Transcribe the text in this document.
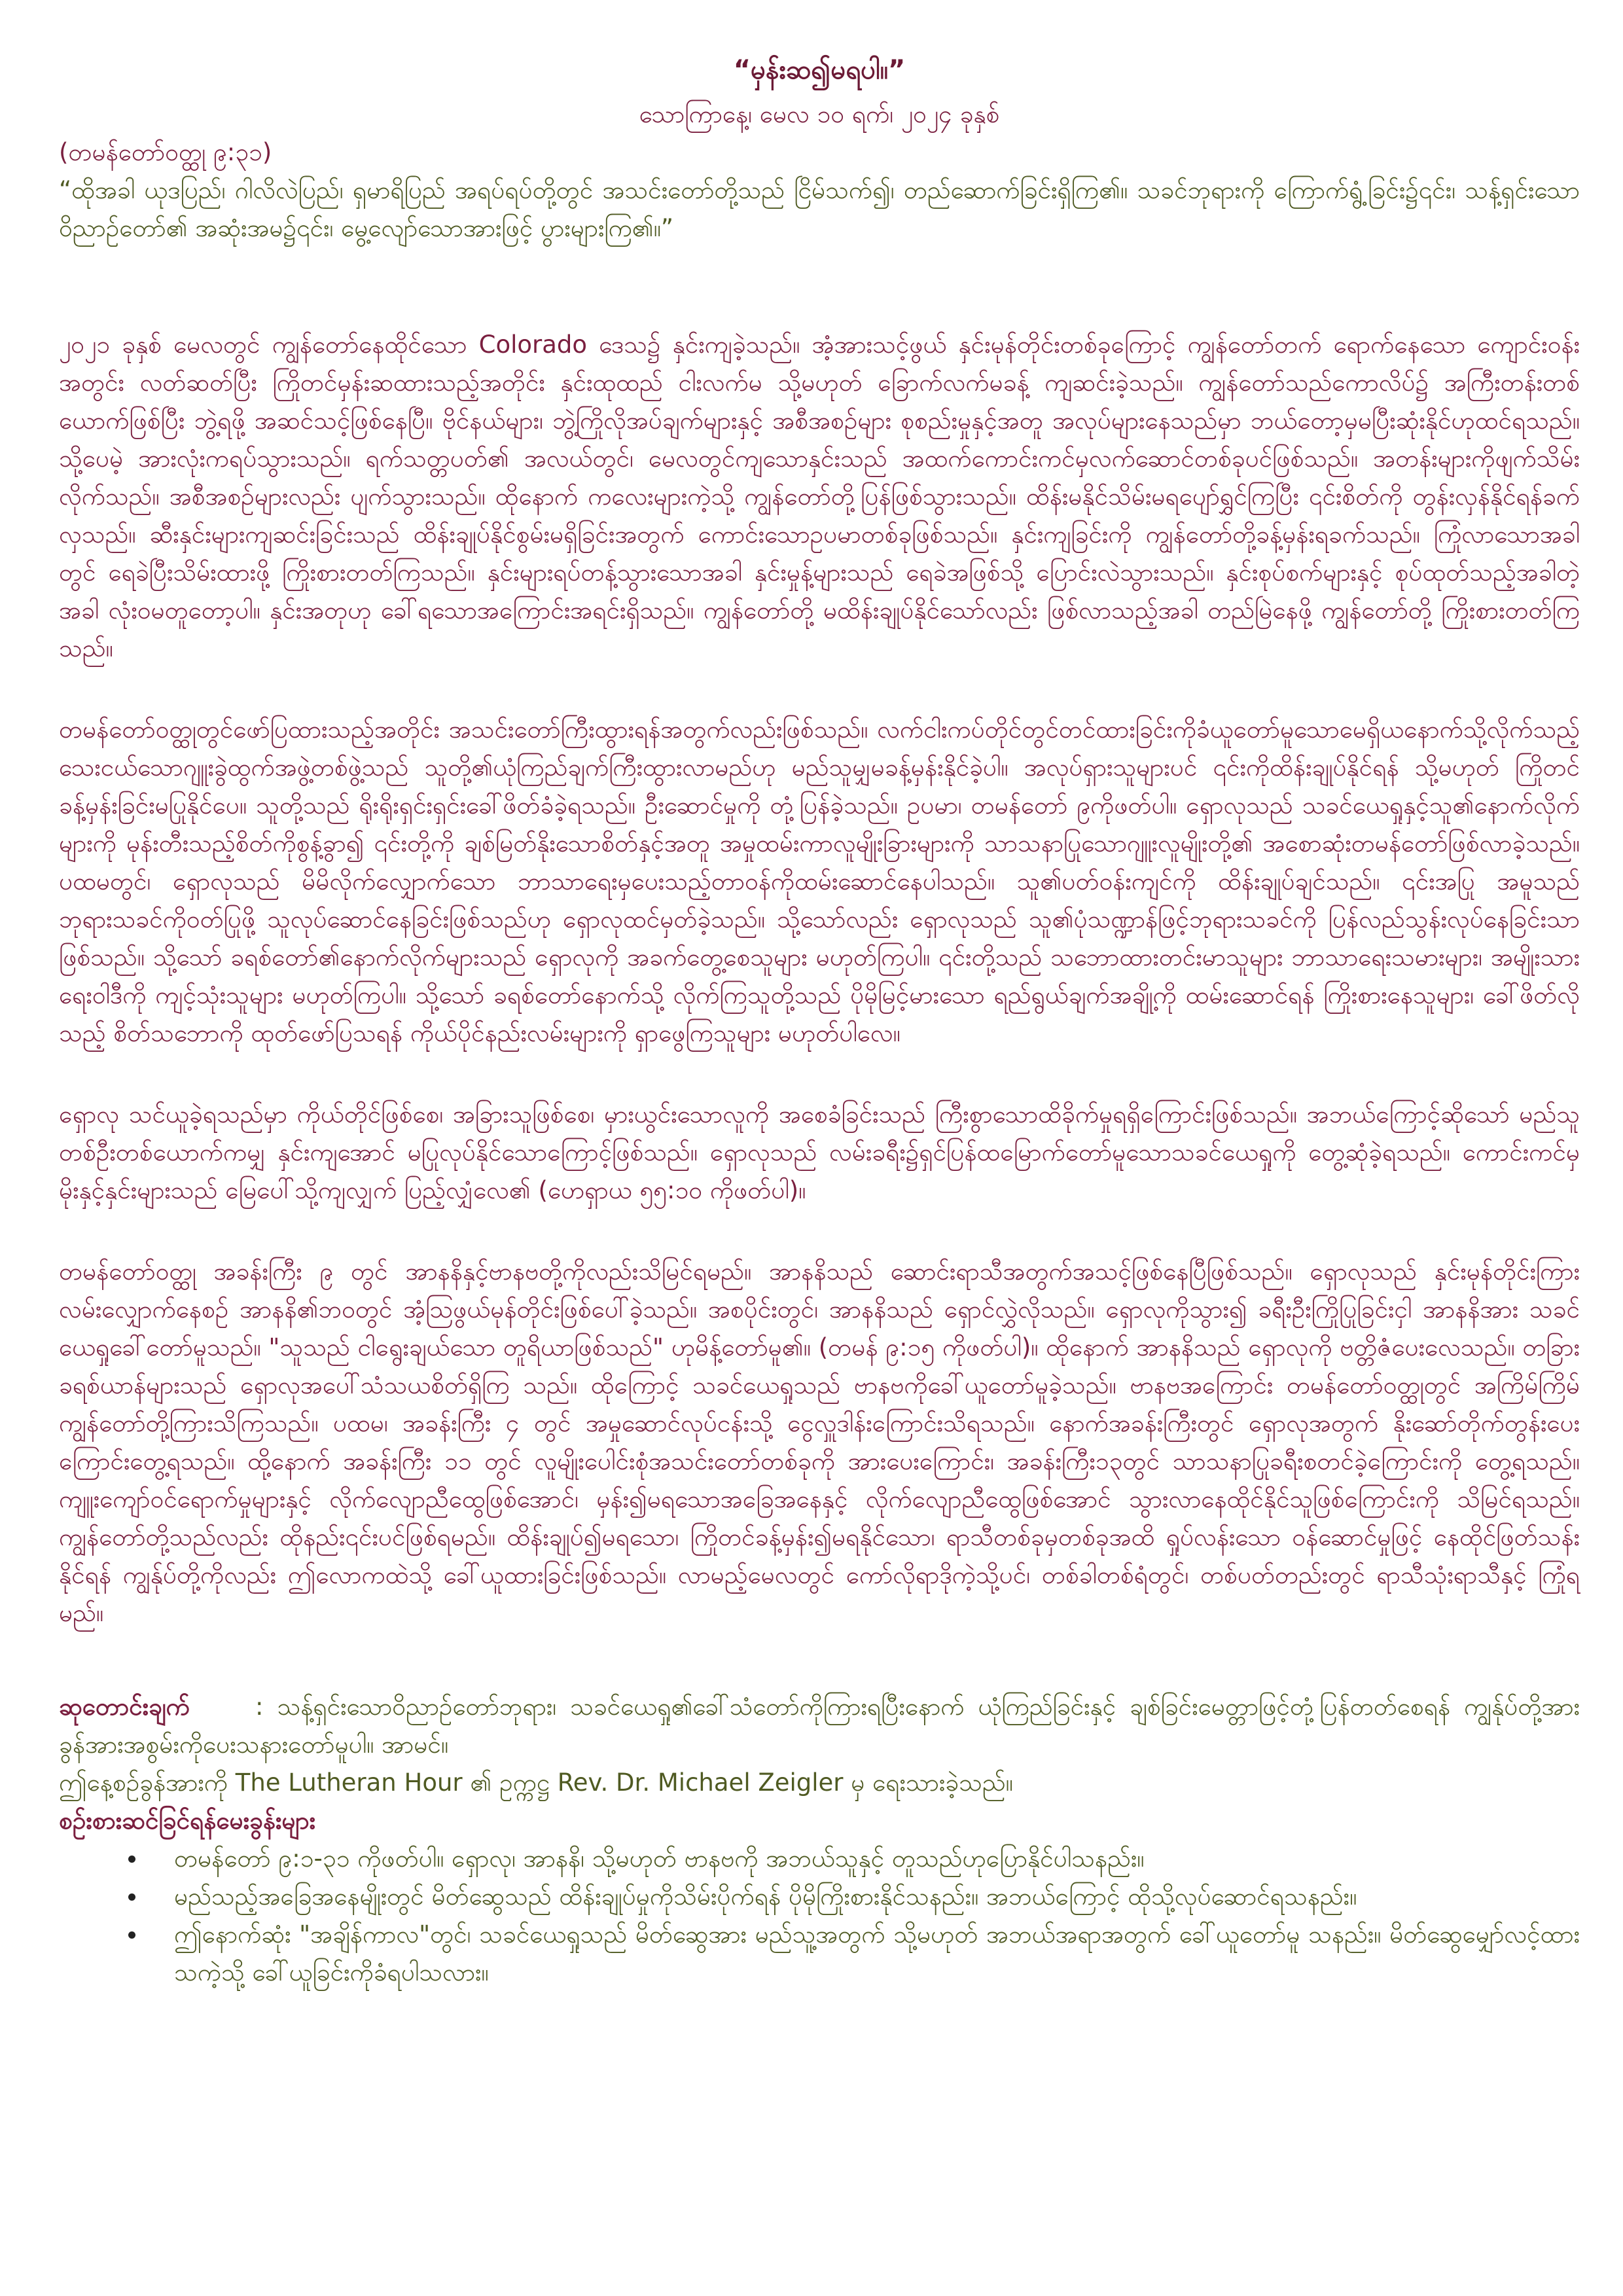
“မှန်းဆ၍မရပါ။”
သောကြာနေ့၊ မေလ ၁၀ ရက်၊ ၂၀၂၄ ခုနှစ်
(တမန်တော်ဝတ္ထု ၉:၃၁)

“ထိုအခါ ယုဒပြည်၊ ဂါလိလဲပြည်၊ ရှမာရိပြည် အရပ်ရပ်တို့တွင် အသင်းတော်တို့သည် ငြိမ်သက်၍၊ တည်ဆောက်ခြင်းရှိကြ၏။ သခင်ဘုရားကို ကြောက်ရွံ့ခြင်း၌၎င်း၊ သန့်ရှင်းသောဝိညာဉ်တော်၏ အဆုံးအမ၌၎င်း၊ မွေ့လျော်သောအားဖြင့် ပွားများကြ၏။”

၂၀၂၁ ခုနှစ် မေလတွင် ကျွန်တော်နေထိုင်သော Colorado ဒေသ၌ နှင်းကျခဲ့သည်။ အံ့အားသင့်ဖွယ် နှင်းမုန်တိုင်းတစ်ခုကြောင့် ကျွန်တော်တက် ရောက်နေသော ကျောင်းဝန်းအတွင်း လတ်ဆတ်ပြီး ကြိုတင်မှန်းဆထားသည့်အတိုင်း နှင်းထုထည် ငါးလက်မ သို့မဟုတ် ခြောက်လက်မခန့် ကျဆင်းခဲ့သည်။ ကျွန်တော်သည်ကောလိပ်၌ အကြီးတန်းတစ်ယောက်ဖြစ်ပြီး ဘွဲ့ရဖို့ အဆင်သင့်ဖြစ်နေပြီ။ ဗိုင်နယ်များ၊ ဘွဲ့ကြိုလိုအပ်ချက်များနှင့် အစီအစဉ်များ စုစည်းမှုနှင့်အတူ အလုပ်များနေသည်မှာ ဘယ်တော့မှမပြီးဆုံးနိုင်ဟုထင်ရသည်။ သို့ပေမဲ့ အားလုံးကရပ်သွားသည်။ ရက်သတ္တပတ်၏ အလယ်တွင်၊ မေလတွင်ကျသောနှင်းသည် အထက်ကောင်းကင်မှလက်ဆောင်တစ်ခုပင်ဖြစ်သည်။ အတန်းများကိုဖျက်သိမ်းလိုက်သည်။ အစီအစဉ်များလည်း ပျက်သွားသည်။ ထိုနောက် ကလေးများကဲ့သို့ ကျွန်တော်တို့ပြန်ဖြစ်သွားသည်။ ထိန်းမနိုင်သိမ်းမရပျော်ရွှင်ကြပြီး ၎င်းစိတ်ကို တွန်းလှန်နိုင်ရန်ခက်လှသည်။ ဆီးနှင်းများကျဆင်းခြင်းသည် ထိန်းချုပ်နိုင်စွမ်းမရှိခြင်းအတွက် ကောင်းသောဥပမာတစ်ခုဖြစ်သည်။ နှင်းကျခြင်းကို ကျွန်တော်တို့ခန့်မှန်းရခက်သည်။ ကြုံလာသောအခါတွင် ရေခဲပြီးသိမ်းထားဖို့ ကြိုးစားတတ်ကြသည်။ နှင်းများရပ်တန့်သွားသောအခါ နှင်းမှုန့်များသည် ရေခဲအဖြစ်သို့ ပြောင်းလဲသွားသည်။ နှင်းစုပ်စက်များနှင့် စုပ်ထုတ်သည့်အခါတဲ့အခါ လုံးဝမတူတော့ပါ။ နှင်းအတုဟု ခေါ်ရသောအကြောင်းအရင်းရှိသည်။ ကျွန်တော်တို့ မထိန်းချုပ်နိုင်သော်လည်း ဖြစ်လာသည့်အခါ တည်မြဲနေဖို့ ကျွန်တော်တို့ ကြိုးစားတတ်ကြသည်။

တမန်တော်ဝတ္ထုတွင်ဖော်ပြထားသည့်အတိုင်း အသင်းတော်ကြီးထွားရန်အတွက်လည်းဖြစ်သည်။ လက်ငါးကပ်တိုင်တွင်တင်ထားခြင်းကိုခံယူတော်မူသောမေရှိယနောက်သို့လိုက်သည့် သေးငယ်သောဂျူးခွဲထွက်အဖွဲ့တစ်ဖွဲ့သည် သူတို့၏ယုံကြည်ချက်ကြီးထွားလာမည်ဟု မည်သူမျှမခန့်မှန်းနိုင်ခဲ့ပါ။ အလုပ်ရှားသူများပင် ၎င်းကိုထိန်းချုပ်နိုင်ရန် သို့မဟုတ် ကြိုတင်ခန့်မှန်းခြင်းမပြုနိုင်ပေ။ သူတို့သည် ရိုးရိုးရှင်းရှင်းခေါ်ဖိတ်ခံခဲ့ရသည်။ ဦးဆောင်မှုကို တုံ့ပြန်ခဲ့သည်။ ဥပမာ၊ တမန်တော် ၉ကိုဖတ်ပါ။ ရှောလုသည် သခင်ယေရှုနှင့်သူ၏နောက်လိုက်များကို မုန်းတီးသည့်စိတ်ကိုစွန့်ခွာ၍ ၎င်းတို့ကို ချစ်မြတ်နိုးသောစိတ်နှင့်အတူ အမှုထမ်းကာလူမျိုးခြားများကို သာသနာပြုသောဂျူးလူမျိုးတို့၏ အစောဆုံးတမန်တော်ဖြစ်လာခဲ့သည်။ ပထမတွင်၊ ရှောလုသည် မိမိလိုက်လျှောက်သော ဘာသာရေးမှပေးသည့်တာဝန်ကိုထမ်းဆောင်နေပါသည်။ သူ၏ပတ်ဝန်းကျင်ကို ထိန်းချုပ်ချင်သည်။ ၎င်းအပြု အမူသည်ဘုရားသခင်ကိုဝတ်ပြုဖို့ သူလုပ်ဆောင်နေခြင်းဖြစ်သည်ဟု ရှောလုထင်မှတ်ခဲ့သည်။ သို့သော်လည်း ရှောလုသည် သူ၏ပုံသဏ္ဍာန်ဖြင့်ဘုရားသခင်ကို ပြန်လည်သွန်းလုပ်နေခြင်းသာဖြစ်သည်။ သို့သော် ခရစ်တော်၏နောက်လိုက်များသည် ရှောလုကို အခက်တွေ့စေသူများ မဟုတ်ကြပါ။ ၎င်းတို့သည် သဘောထားတင်းမာသူများ ဘာသာရေးသမားများ၊ အမျိုးသားရေးဝါဒီကို ကျင့်သုံးသူများ မဟုတ်ကြပါ။ သို့သော် ခရစ်တော်နောက်သို့ လိုက်ကြသူတို့သည် ပိုမိုမြင့်မားသော ရည်ရွယ်ချက်အချို့ကို ထမ်းဆောင်ရန် ကြိုးစားနေသူများ၊ ခေါ်ဖိတ်လိုသည့် စိတ်သဘောကို ထုတ်ဖော်ပြသရန် ကိုယ်ပိုင်နည်းလမ်းများကို ရှာဖွေကြသူများ မဟုတ်ပါလေ။

ရှောလု သင်ယူခဲ့ရသည်မှာ ကိုယ်တိုင်ဖြစ်စေ၊ အခြားသူဖြစ်စေ၊ မှားယွင်းသောလူကို အစေခံခြင်းသည် ကြီးစွာသောထိခိုက်မှုရရှိကြောင်းဖြစ်သည်။ အဘယ်ကြောင့်ဆိုသော် မည်သူတစ်ဦးတစ်ယောက်ကမျှ နှင်းကျအောင် မပြုလုပ်နိုင်သောကြောင့်ဖြစ်သည်။ ရှောလုသည် လမ်းခရီး၌ရှင်ပြန်ထမြောက်တော်မူသောသခင်ယေရှုကို တွေ့ဆုံခဲ့ရသည်။ ကောင်းကင်မှ မိုးနှင့်နှင်းများသည် မြေပေါ်သို့ကျလျှက် ပြည့်လျှံလေ၏ (ဟေရှာယ ၅၅:၁၀ ကိုဖတ်ပါ)။

တမန်တော်ဝတ္ထု အခန်းကြီး ၉ တွင် အာနနိနှင့်ဗာနဗတို့ကိုလည်းသိမြင်ရမည်။ အာနနိသည် ဆောင်းရာသီအတွက်အသင့်ဖြစ်နေပြီဖြစ်သည်။ ရှောလုသည် နှင်းမုန်တိုင်းကြား လမ်းလျှောက်နေစဉ် အာနနိ၏ဘဝတွင် အံ့ဩဖွယ်မုန်တိုင်းဖြစ်ပေါ်ခဲ့သည်။ အစပိုင်းတွင်၊ အာနနိသည် ရှောင်လွှဲလိုသည်။ ရှောလုကိုသွား၍ ခရီးဦးကြိုပြုခြင်းငှါ အာနနိအား သခင်ယေရှုခေါ်တော်မူသည်။ "သူသည် ငါရွေးချယ်သော တူရိယာဖြစ်သည်" ဟုမိန့်တော်မူ၏။ (တမန် ၉:၁၅ ကိုဖတ်ပါ)။ ထိုနောက် အာနနိသည် ရှောလုကို ဗတ္တိဇံပေးလေသည်။ တခြားခရစ်ယာန်များသည် ရှောလုအပေါ်သံသယစိတ်ရှိကြ သည်။ ထိုကြောင့် သခင်ယေရှုသည် ဗာနဗကိုခေါ်ယူတော်မူခဲ့သည်။ ဗာနဗအကြောင်း တမန်တော်ဝတ္ထုတွင် အကြိမ်ကြိမ် ကျွန်တော်တို့ကြားသိကြသည်။ ပထမ၊ အခန်းကြီး ၄ တွင် အမှုဆောင်လုပ်ငန်းသို့ ငွေလှူဒါန်းကြောင်းသိရသည်။ နောက်အခန်းကြီးတွင် ရှောလုအတွက် နိုးဆော်တိုက်တွန်းပေးကြောင်းတွေ့ရသည်။ ထို့နောက် အခန်းကြီး ၁၁ တွင် လူမျိုးပေါင်းစုံအသင်းတော်တစ်ခုကို အားပေးကြောင်း၊ အခန်းကြီး၁၃တွင် သာသနာပြုခရီးစတင်ခဲ့ကြောင်းကို တွေ့ရသည်။ ကျူးကျော်ဝင်ရောက်မှုများနှင့် လိုက်လျောညီထွေဖြစ်အောင်၊ မှန်း၍မရသောအခြေအနေနှင့် လိုက်လျောညီထွေဖြစ်အောင် သွားလာနေထိုင်နိုင်သူဖြစ်ကြောင်းကို သိမြင်ရသည်။ ကျွန်တော်တို့သည်လည်း ထိုနည်း၎င်းပင်ဖြစ်ရမည်။ ထိန်းချုပ်၍မရသော၊ ကြိုတင်ခန့်မှန်း၍မရနိုင်သော၊ ရာသီတစ်ခုမှတစ်ခုအထိ ရှုပ်လန်းသော ဝန်ဆောင်မှုဖြင့် နေထိုင်ဖြတ်သန်းနိုင်ရန် ကျွန်ုပ်တို့ကိုလည်း ဤလောကထဲသို့ ခေါ်ယူထားခြင်းဖြစ်သည်။ လာမည့်မေလတွင် ကော်လိုရာဒိုကဲ့သို့ပင်၊ တစ်ခါတစ်ရံတွင်၊ တစ်ပတ်တည်းတွင် ရာသီသုံးရာသီနှင့် ကြုံရမည်။

ဆုတောင်းချက်	: သန့်ရှင်းသောဝိညာဉ်တော်ဘုရား၊ သခင်ယေရှု၏ခေါ်သံတော်ကိုကြားရပြီးနောက် ယုံကြည်ခြင်းနှင့် ချစ်ခြင်းမေတ္တာဖြင့်တုံ့ပြန်တတ်စေရန် ကျွန်ုပ်တို့အား ခွန်အားအစွမ်းကိုပေးသနားတော်မူပါ။ အာမင်။
ဤနေ့စဉ်ခွန်အားကို The Lutheran Hour ၏ ဥက္ကဋ္ဌ Rev. Dr. Michael Zeigler မှ ရေးသားခဲ့သည်။
စဉ်းစားဆင်ခြင်ရန်မေးခွန်းများ
တမန်တော် ၉:၁-၃၁ ကိုဖတ်ပါ။ ရှောလု၊ အာနနိ၊ သို့မဟုတ် ဗာနဗကို အဘယ်သူနှင့် တူသည်ဟုပြောနိုင်ပါသနည်း။
မည်သည့်အခြေအနေမျိုးတွင် မိတ်ဆွေသည် ထိန်းချုပ်မှုကိုသိမ်းပိုက်ရန် ပိုမိုကြိုးစားနိုင်သနည်း။ အဘယ်ကြောင့် ထိုသို့လုပ်ဆောင်ရသနည်း။
ဤနောက်ဆုံး "အချိန်ကာလ"တွင်၊ သခင်ယေရှုသည် မိတ်ဆွေအား မည်သူ့အတွက် သို့မဟုတ် အဘယ်အရာအတွက် ခေါ်ယူတော်မူ သနည်း။ မိတ်ဆွေမျှော်လင့်ထားသကဲ့သို့ ခေါ်ယူခြင်းကိုခံရပါသလား။
